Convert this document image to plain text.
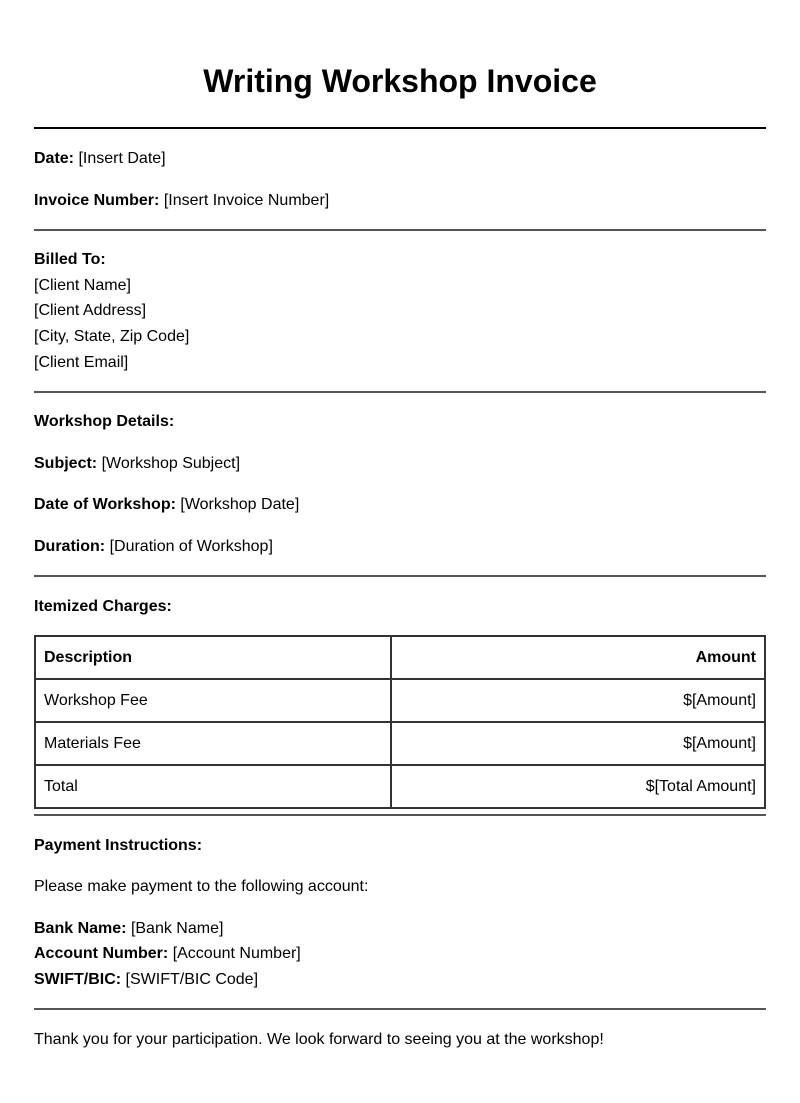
Writing Workshop Invoice
Date: [Insert Date]
Invoice Number: [Insert Invoice Number]
Billed To:
[Client Name]
[Client Address]
[City, State, Zip Code]
[Client Email]
Workshop Details:
Subject: [Workshop Subject]
Date of Workshop: [Workshop Date]
Duration: [Duration of Workshop]
Itemized Charges:
Description	Amount
Workshop Fee	$[Amount]
Materials Fee	$[Amount]
Total	$[Total Amount]
Payment Instructions:
Please make payment to the following account:
Bank Name: [Bank Name]
Account Number: [Account Number]
SWIFT/BIC: [SWIFT/BIC Code]
Thank you for your participation. We look forward to seeing you at the workshop!
